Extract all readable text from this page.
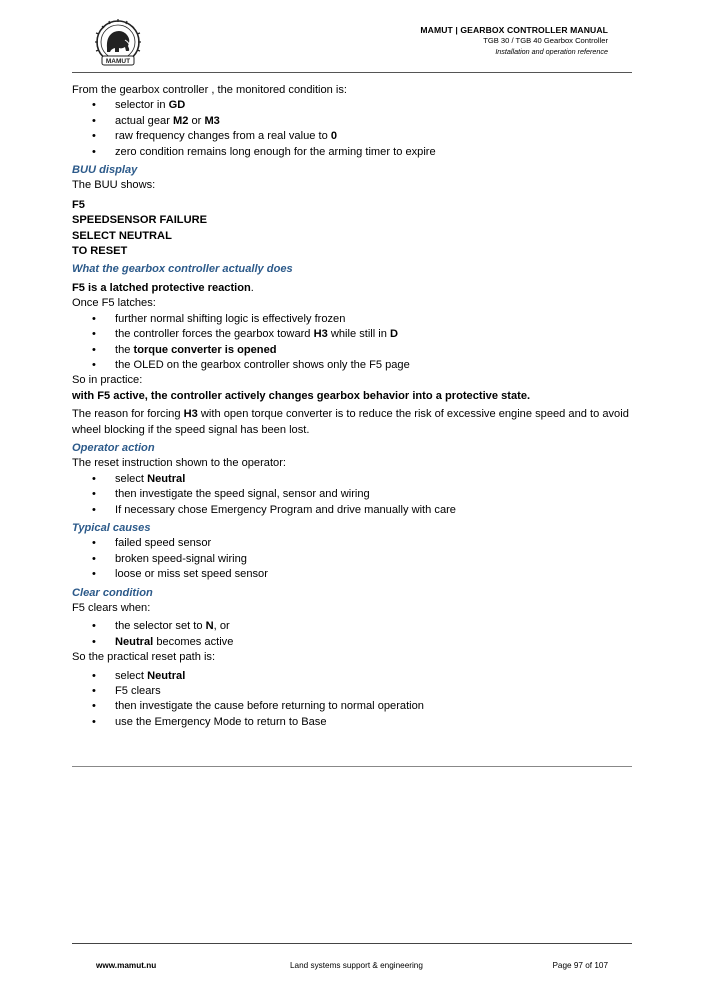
MAMUT
MAMUT | GEARBOX CONTROLLER MANUAL
TGB 30 / TGB 40 Gearbox Controller
Installation and operation reference

From the gearbox controller , the monitored condition is:

• selector in GD
• actual gear M2 or M3
• raw frequency changes from a real value to 0
• zero condition remains long enough for the arming timer to expire

BUU display

The BUU shows:

F5

SPEEDSENSOR FAILURE

SELECT NEUTRAL

TO RESET

What the gearbox controller actually does

F5 is a latched protective reaction.

Once F5 latches:

• further normal shifting logic is effectively frozen
• the controller forces the gearbox toward H3 while still in D
• the torque converter is opened
• the OLED on the gearbox controller shows only the F5 page

So in practice:

with F5 active, the controller actively changes gearbox behavior into a protective state.

The reason for forcing H3 with open torque converter is to reduce the risk of excessive engine speed and to avoid wheel blocking if the speed signal has been lost.

Operator action

The reset instruction shown to the operator:

• select Neutral
• then investigate the speed signal, sensor and wiring
• If necessary chose Emergency Program and drive manually with care

Typical causes

• failed speed sensor
• broken speed-signal wiring
• loose or miss set speed sensor

Clear condition

F5 clears when:

• the selector set to N, or
• Neutral becomes active

So the practical reset path is:

• select Neutral
• F5 clears
• then investigate the cause before returning to normal operation
• use the Emergency Mode to return to Base
www.mamut.nu	Land systems support & engineering	Page 97 of 107
